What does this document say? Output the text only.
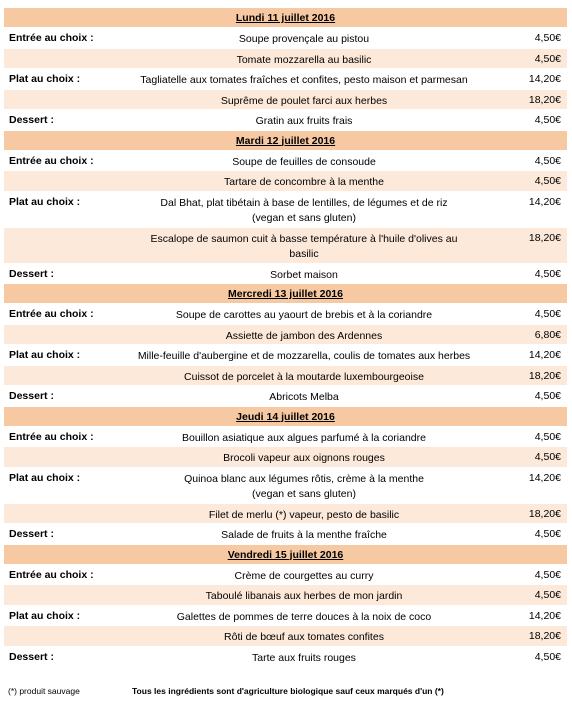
Lundi 11 juillet 2016
Entrée au choix :	Soupe provençale au pistou	4,50€
Tomate mozzarella au basilic	4,50€
Plat au choix :	Tagliatelle aux tomates fraîches et confites, pesto maison et parmesan	14,20€
Suprême de poulet farci aux herbes	18,20€
Dessert :	Gratin aux fruits frais	4,50€
Mardi 12 juillet 2016
Entrée au choix :	Soupe de feuilles de consoude	4,50€
Tartare de concombre à la menthe	4,50€
Plat au choix :	Dal Bhat, plat tibétain à base de lentilles, de légumes et de riz
(vegan et sans gluten)
14,20€
Escalope de saumon cuit à basse température à l'huile d'olives au
basilic
18,20€
Dessert :	Sorbet maison	4,50€
Mercredi 13 juillet 2016
Entrée au choix :	Soupe de carottes au yaourt de brebis et à la coriandre	4,50€
Assiette de jambon des Ardennes	6,80€
Plat au choix :	Mille-feuille d'aubergine et de mozzarella, coulis de tomates aux herbes	14,20€
Cuissot de porcelet à la moutarde luxembourgeoise	18,20€
Dessert :	Abricots Melba	4,50€
Jeudi 14 juillet 2016
Entrée au choix :	Bouillon asiatique aux algues parfumé à la coriandre	4,50€
Brocoli vapeur aux oignons rouges	4,50€
Plat au choix :	Quinoa blanc aux légumes rôtis, crème à la menthe
(vegan et sans gluten)
14,20€
Filet de merlu (*) vapeur, pesto de basilic	18,20€
Dessert :	Salade de fruits à la menthe fraîche	4,50€
Vendredi 15 juillet 2016
Entrée au choix :	Crème de courgettes au curry	4,50€
Taboulé libanais aux herbes de mon jardin	4,50€
Plat au choix :	Galettes de pommes de terre douces à la noix de coco	14,20€
Rôti de bœuf aux tomates confites	18,20€
Dessert :	Tarte aux fruits rouges	4,50€
(*) produit sauvage	Tous les ingrédients sont d'agriculture biologique sauf ceux marqués d'un (*)
